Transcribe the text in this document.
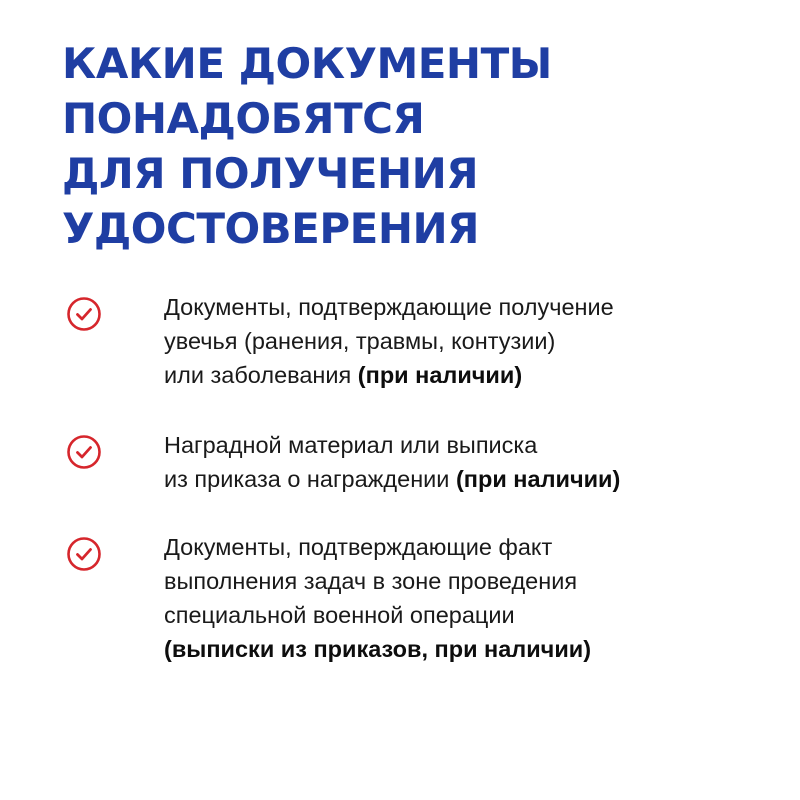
КАКИЕ ДОКУМЕНТЫ
ПОНАДОБЯТСЯ
ДЛЯ ПОЛУЧЕНИЯ
УДОСТОВЕРЕНИЯ
Документы, подтверждающие получение
увечья (ранения, травмы, контузии)
или заболевания (при наличии)
Наградной материал или выписка
из приказа о награждении (при наличии)
Документы, подтверждающие факт
выполнения задач в зоне проведения
специальной военной операции
(выписки из приказов, при наличии)
